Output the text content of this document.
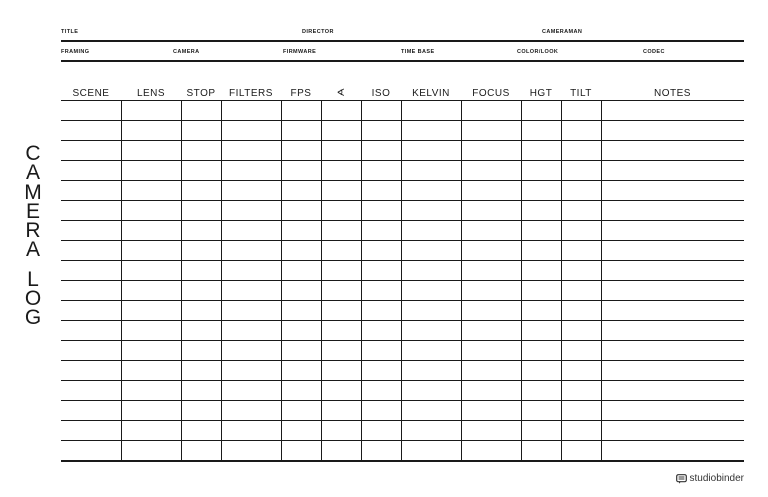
TITLE	DIRECTOR	CAMERAMAN
FRAMING	CAMERA	FIRMWARE	TIME BASE	COLOR/LOOK	CODEC
C
A
M
E
R
A
L
O
G
SCENE	LENS	STOP	FILTERS	FPS	∢	ISO	KELVIN	FOCUS	HGT	TILT	NOTES

studiobinder
